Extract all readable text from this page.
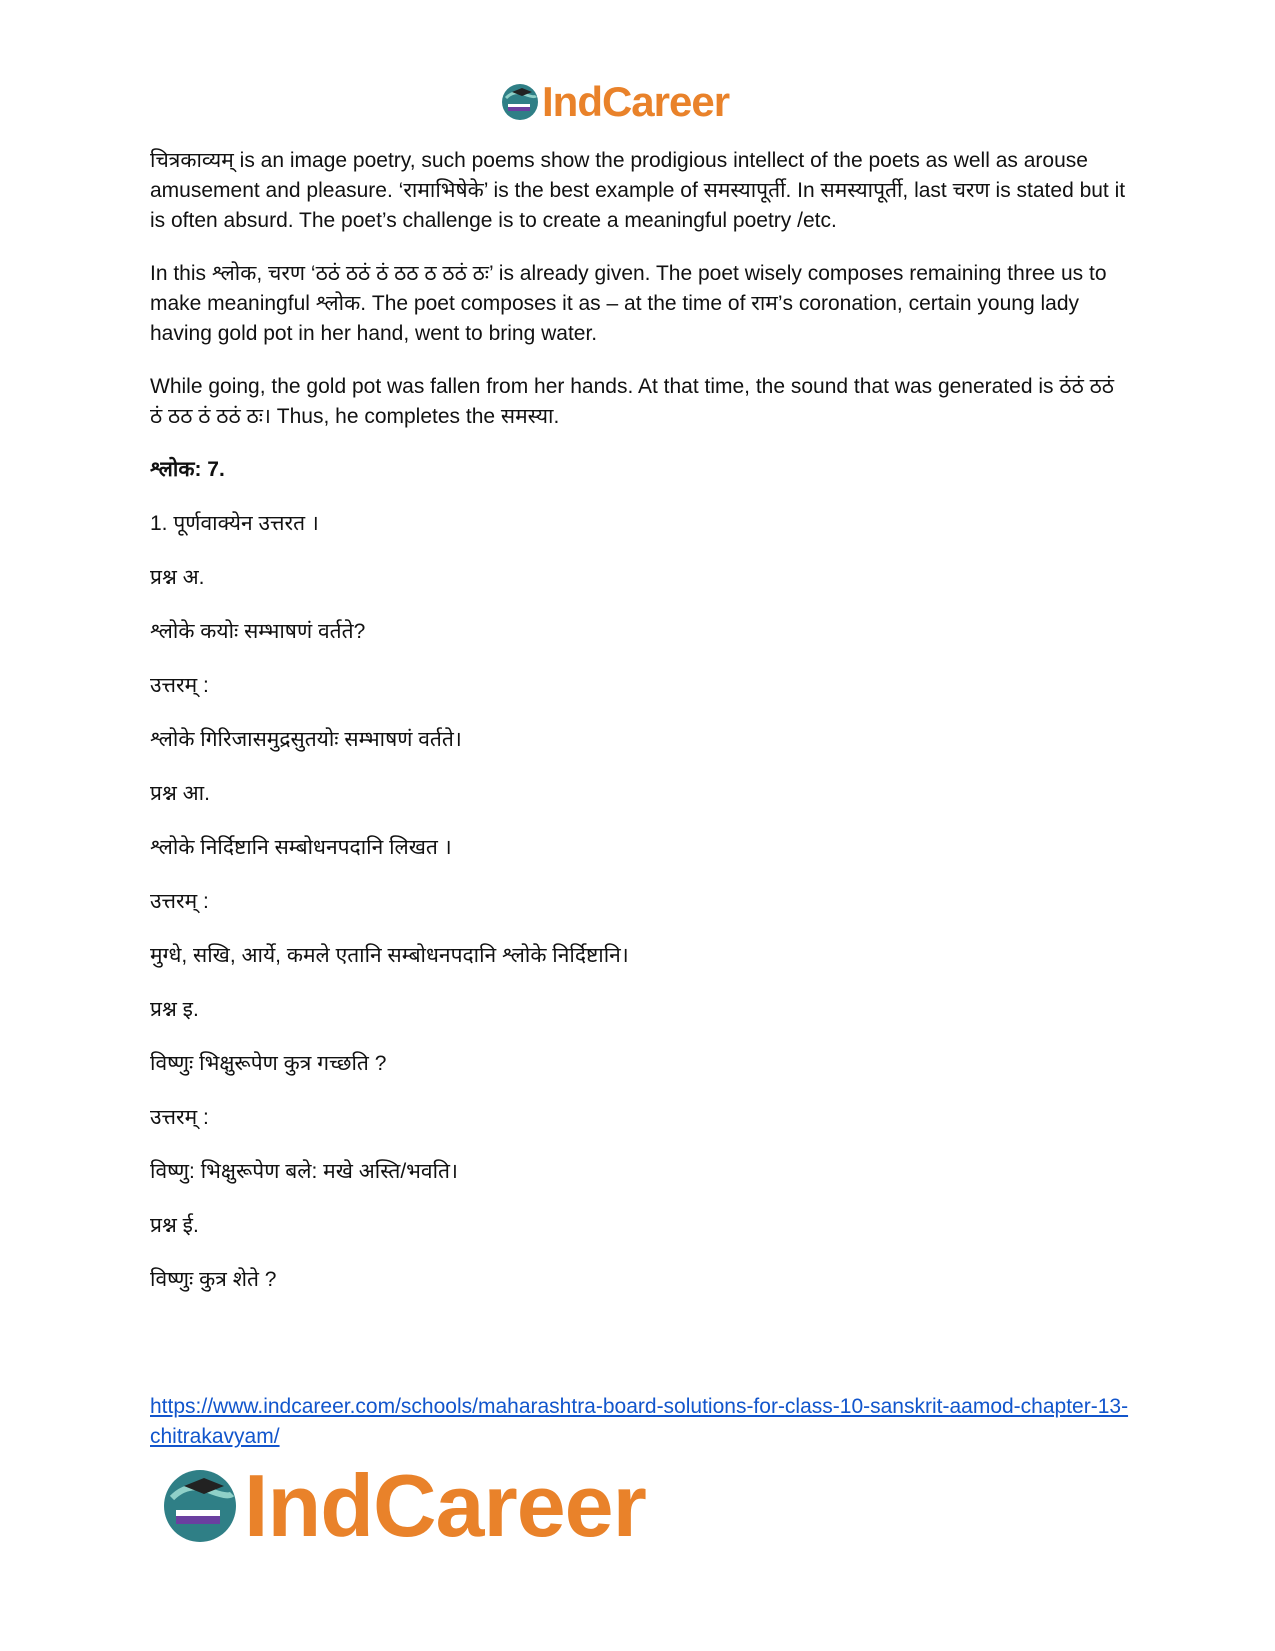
IndCareer

चित्रकाव्यम् is an image poetry, such poems show the prodigious intellect of the poets as well as arouse amusement and pleasure. ‘रामाभिषेके’ is the best example of समस्यापूर्ती. In समस्यापूर्ती, last चरण is stated but it is often absurd. The poet’s challenge is to create a meaningful poetry /etc.

In this श्लोक, चरण ‘ठठं ठठं ठं ठठ ठ ठठं ठः’ is already given. The poet wisely composes remaining three us to make meaningful श्लोक. The poet composes it as – at the time of राम’s coronation, certain young lady having gold pot in her hand, went to bring water.

While going, the gold pot was fallen from her hands. At that time, the sound that was generated is ठंठं ठठं ठं ठठ ठं ठठं ठः। Thus, he completes the समस्या.

श्लोक: 7.

1. पूर्णवाक्येन उत्तरत ।

प्रश्न अ.

श्लोके कयोः सम्भाषणं वर्तते?

उत्तरम् :

श्लोके गिरिजासमुद्रसुतयोः सम्भाषणं वर्तते।

प्रश्न आ.

श्लोके निर्दिष्टानि सम्बोधनपदानि लिखत ।

उत्तरम् :

मुग्धे, सखि, आर्ये, कमले एतानि सम्बोधनपदानि श्लोके निर्दिष्टानि।

प्रश्न इ.

विष्णुः भिक्षुरूपेण कुत्र गच्छति ?

उत्तरम् :

विष्णु: भिक्षुरूपेण बले: मखे अस्ति/भवति।

प्रश्न ई.

विष्णुः कुत्र शेते ?

https://www.indcareer.com/schools/maharashtra-board-solutions-for-class-10-sanskrit-aamod-chapter-13-chitrakavyam/
IndCareer
